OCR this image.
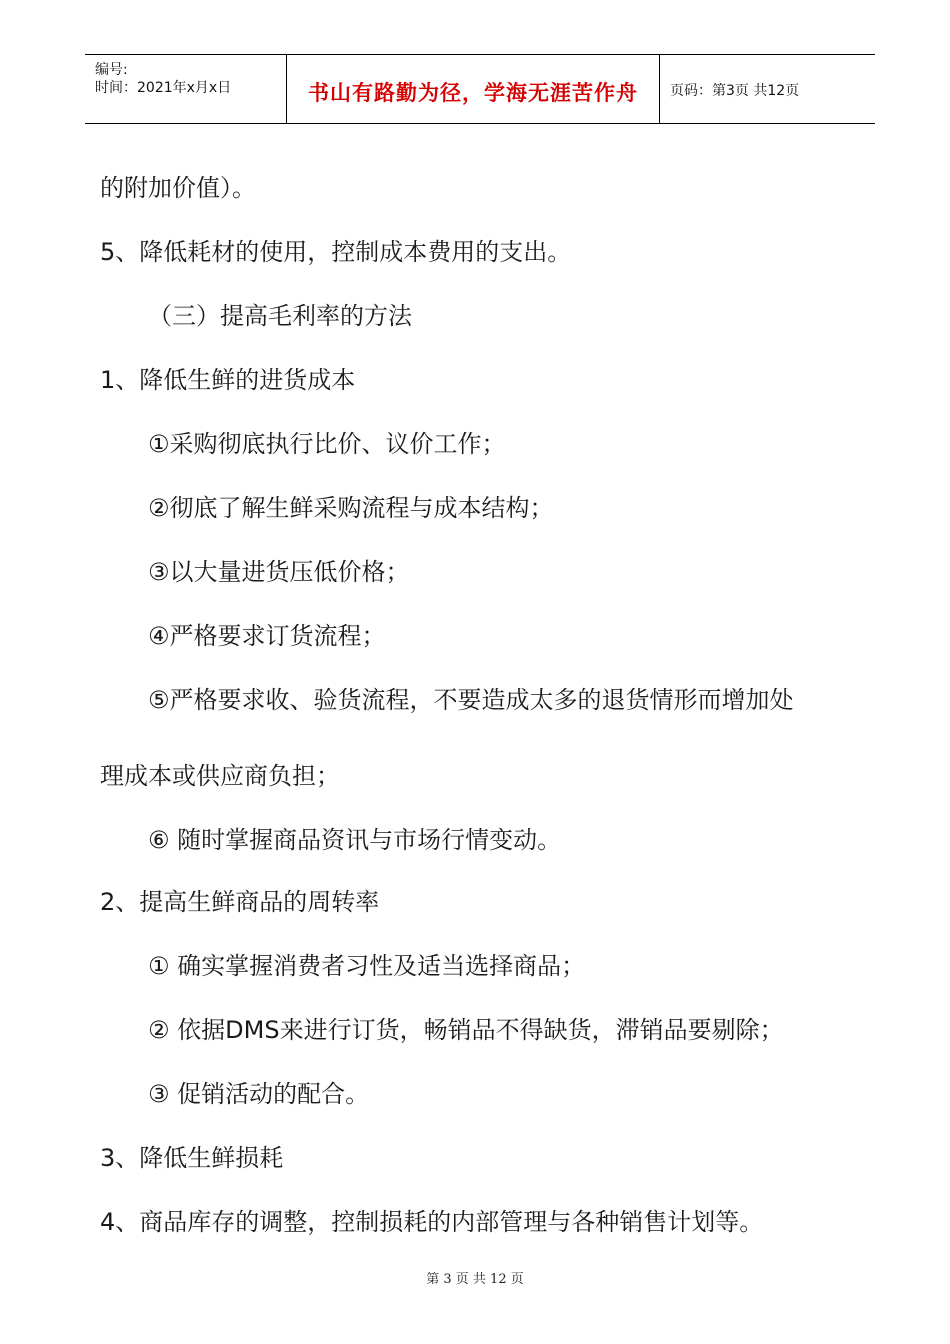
编号:
时间：2021年x月x日	书山有路勤为径，学海无涯苦作舟	页码：第3页 共12页
的附加价值）。
5、降低耗材的使用，控制成本费用的支出。
（三）提高毛利率的方法
1、降低生鲜的进货成本
①采购彻底执行比价、议价工作；
②彻底了解生鲜采购流程与成本结构；
③以大量进货压低价格；
④严格要求订货流程；
⑤严格要求收、验货流程，不要造成太多的退货情形而增加处
理成本或供应商负担；
⑥ 随时掌握商品资讯与市场行情变动。
2、提高生鲜商品的周转率
① 确实掌握消费者习性及适当选择商品；
② 依据DMS来进行订货，畅销品不得缺货，滞销品要剔除；
③ 促销活动的配合。
3、降低生鲜损耗
4、商品库存的调整，控制损耗的内部管理与各种销售计划等。
第 3 页 共 12 页
